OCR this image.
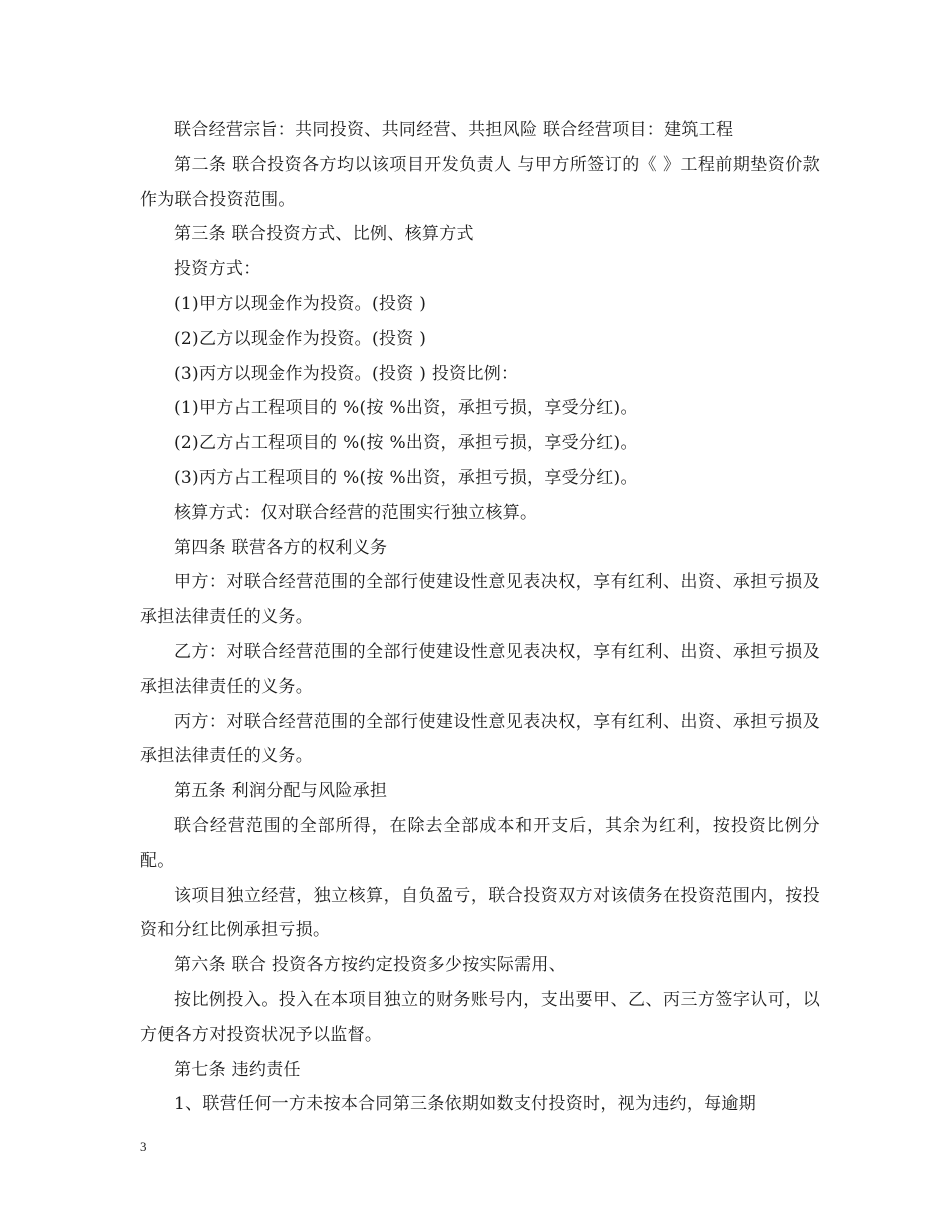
联合经营宗旨：共同投资、共同经营、共担风险 联合经营项目：建筑工程

第二条 联合投资各方均以该项目开发负责人 与甲方所签订的《 》工程前期垫资价款作为联合投资范围。

第三条 联合投资方式、比例、核算方式

投资方式：

(1)甲方以现金作为投资。(投资 )

(2)乙方以现金作为投资。(投资 )

(3)丙方以现金作为投资。(投资 ) 投资比例：

(1)甲方占工程项目的 %(按 %出资，承担亏损，享受分红)。

(2)乙方占工程项目的 %(按 %出资，承担亏损，享受分红)。

(3)丙方占工程项目的 %(按 %出资，承担亏损，享受分红)。

核算方式：仅对联合经营的范围实行独立核算。

第四条 联营各方的权利义务

甲方：对联合经营范围的全部行使建设性意见表决权，享有红利、出资、承担亏损及承担法律责任的义务。

乙方：对联合经营范围的全部行使建设性意见表决权，享有红利、出资、承担亏损及承担法律责任的义务。

丙方：对联合经营范围的全部行使建设性意见表决权，享有红利、出资、承担亏损及承担法律责任的义务。

第五条 利润分配与风险承担

联合经营范围的全部所得，在除去全部成本和开支后，其余为红利，按投资比例分配。

该项目独立经营，独立核算，自负盈亏，联合投资双方对该债务在投资范围内，按投资和分红比例承担亏损。

第六条 联合 投资各方按约定投资多少按实际需用、

按比例投入。投入在本项目独立的财务账号内，支出要甲、乙、丙三方签字认可，以方便各方对投资状况予以监督。

第七条 违约责任

1、联营任何一方未按本合同第三条依期如数支付投资时，视为违约，每逾期

3
